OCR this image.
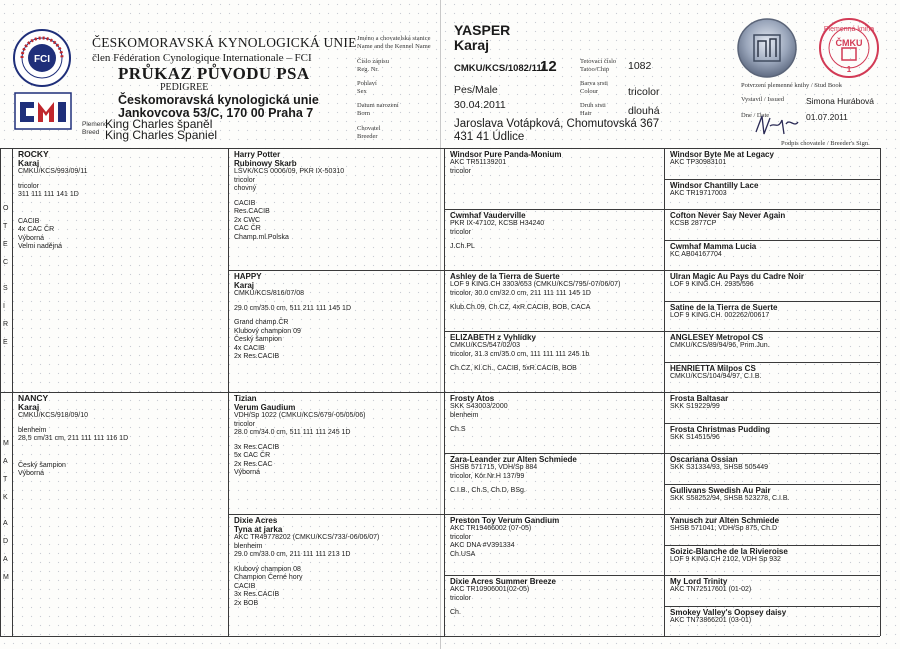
FCI
ČESKOMORAVSKÁ KYNOLOGICKÁ UNIE
člen Fédération Cynologique Internationale – FCI
PRŮKAZ PŮVODU PSA
PEDIGREE
Českomoravská kynologická unie
Jankovcova 53/C, 170 00 Praha 7
Plemeno
Breed
King Charles španěl
King Charles Spaniel
Jméno a chovatelská stanice
Name and the Kennel Name
Číslo zápisu
Reg. Nr.
Pohlaví
Sex
Datum narození
Born
Chovatel
Breeder
YASPER
Karaj
CMKU/KCS/1082/11/
12
Pes/Male
30.04.2011
Jaroslava Votápková, Chomutovská 367
431 41 Údlice
Tetovací číslo
Tatoo/Chip
Barva srsti
Colour
Druh srsti
Hair
1082
tricolor
dlouhá
Plemenná kniha
ČMKU
1
Potvrzení plemenné knihy / Stud Book
Vystavil / Issued	Simona Hurábová
Dne / Date	01.07.2011
Podpis chovatele / Breeder's Sign.
ROCKY
Karaj
CMKU/KCS/993/09/11
tricolor
311 111 111 141 1D
CACIB
4x CAC ČR
Výborná
Velmi nadějná
NANCY
Karaj
CMKU/KCS/918/09/10
blenheim
28,5 cm/31 cm, 211 111 111 116 1D
Český šampion
Výborná
Harry Potter
Rubinowy Skarb
LŠVK/KCS 0006/09, PKR IX-50310
tricolor
chovný
CACIB
Res.CACIB
2x CWC
CAC ČR
Champ.ml.Polska
HAPPY
Karaj
CMKU/KCS/816/07/08
29.0 cm/35.0 cm, 511 211 111 145 1D
Grand champ.ČR
Klubový champion 09
Český šampion
4x CACIB
2x Res.CACIB
Tizian
Verum Gaudium
VDH/Sp 1022 (CMKU/KCS/679/-05/05/06)
tricolor
28.0 cm/34.0 cm, 511 111 111 245 1D
3x Res.CACIB
5x CAC ČR
2x Res.CAC
Výborná
Dixie Acres
Tyna at jarka
AKC TR49778202 (CMKU/KCS/733/-06/06/07)
blenheim
29.0 cm/33.0 cm, 211 111 111 213 1D
Klubový champion 08
Champion Černé hory
CACIB
3x Res.CACIB
2x BOB
Windsor Pure Panda-Monium
AKC TR51139201
tricolor
Cwmhaf Vauderville
PKR IX-47102, KCSB H34240
tricolor
J.Ch.PL
Ashley de la Tierra de Suerte
LOF 9 KING.CH 3303/653 (CMKU/KCS/795/-07/06/07)
tricolor, 30.0 cm/32.0 cm, 211 111 111 145 1D
Klub.Ch.09, Ch.CZ, 4xR.CACIB, BOB, CACA
ELIZABETH z Vyhlídky
CMKU/KCS/547/02/03
tricolor, 31.3 cm/35.0 cm, 111 111 111 245 1b
Ch.CZ, Kl.Ch., CACIB, 5xR.CACIB, BOB
Frosty Atos
SKK S43003/2000
blenheim
Ch.S
Zara-Leander zur Alten Schmiede
SHSB 571715, VDH/Sp 884
tricolor, Kör.Nr.H 137/99
C.I.B., Ch.S, Ch.D, BSg.
Preston Toy Verum Gandium
AKC TR19466002 (07-05)
tricolor
AKC DNA #V391334
Ch.USA
Dixie Acres Summer Breeze
AKC TR10906001(02-05)
tricolor
Ch.
Windsor Byte Me at Legacy
AKC TP30983101
Windsor Chantilly Lace
AKC TR19717003
Cofton Never Say Never Again
KCSB 2877CP
Cwmhaf Mamma Lucia
KC AB04167704
Ulran Magic Au Pays du Cadre Noir
LOF 9 KING.CH. 2935/596
Satine de la Tierra de Suerte
LOF 9 KING.CH. 002262/00617
ANGLESEY Metropol CS
CMKU/KCS/89/94/96, Prim.Jun.
HENRIETTA Milpos CS
CMKU/KCS/104/94/97, C.I.B.
Frosta Baltasar
SKK S19229/99
Frosta Christmas Pudding
SKK S14515/96
Oscariana Ossian
SKK S31334/93, SHSB 505449
Gullivans Swedish Au Pair
SKK S58252/94, SHSB 523278, C.I.B.
Yanusch zur Alten Schmiede
SHSB 571041, VDH/Sp 875, Ch.D
Soizic-Blanche de la Rivieroise
LOF 9 KING.CH 2102, VDH Sp 932
My Lord Trinity
AKC TN72517601 (01-02)
Smokey Valley's Oopsey daisy
AKC TN73866201 (03-01)
O
T
E
C
S
I
R
E
M
A
T
K
A
D
A
M
